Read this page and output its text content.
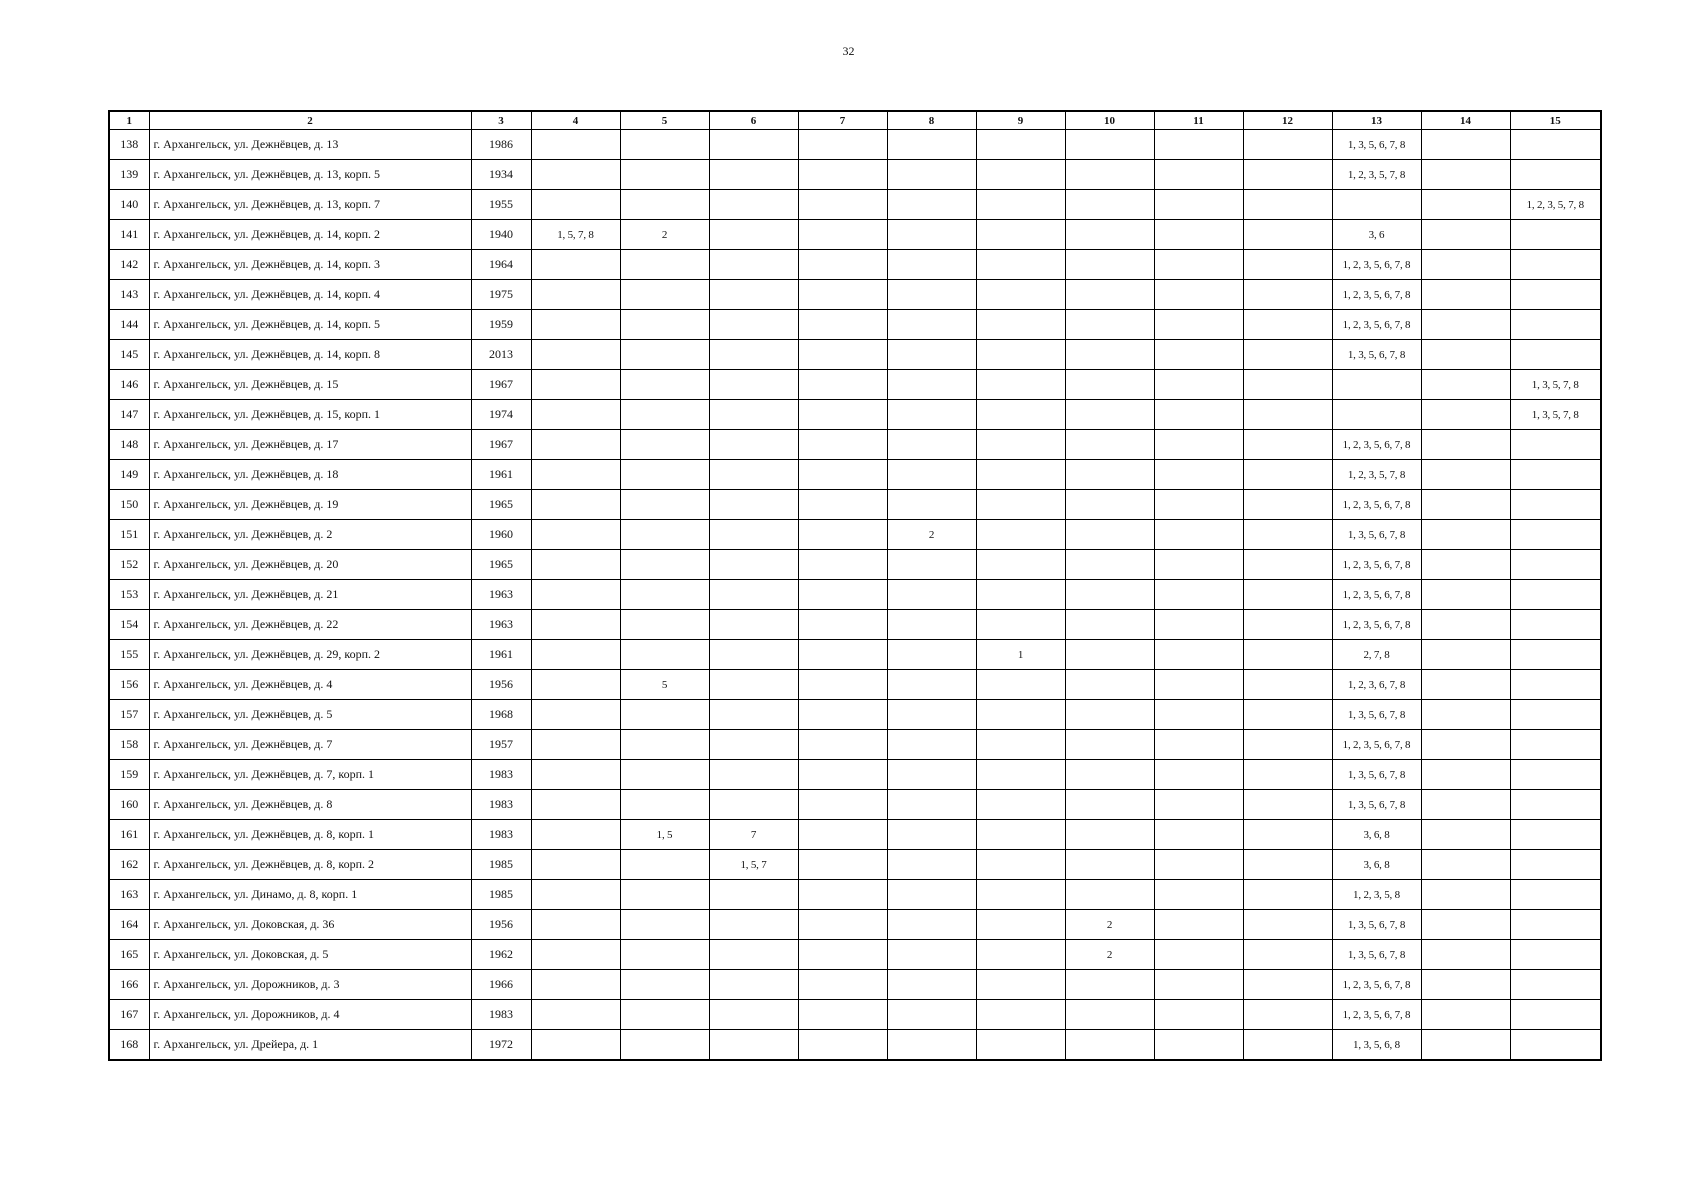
32
1	2	3	4	5	6	7	8	9	10	11	12	13	14	15
138	г. Архангельск, ул. Дежнёвцев, д. 13	1986										1, 3, 5, 6, 7, 8		
139	г. Архангельск, ул. Дежнёвцев, д. 13, корп. 5	1934										1, 2, 3, 5, 7, 8		
140	г. Архангельск, ул. Дежнёвцев, д. 13, корп. 7	1955												1, 2, 3, 5, 7, 8
141	г. Архангельск, ул. Дежнёвцев, д. 14, корп. 2	1940	1, 5, 7, 8	2								3, 6		
142	г. Архангельск, ул. Дежнёвцев, д. 14, корп. 3	1964										1, 2, 3, 5, 6, 7, 8		
143	г. Архангельск, ул. Дежнёвцев, д. 14, корп. 4	1975										1, 2, 3, 5, 6, 7, 8		
144	г. Архангельск, ул. Дежнёвцев, д. 14, корп. 5	1959										1, 2, 3, 5, 6, 7, 8		
145	г. Архангельск, ул. Дежнёвцев, д. 14, корп. 8	2013										1, 3, 5, 6, 7, 8		
146	г. Архангельск, ул. Дежнёвцев, д. 15	1967												1, 3, 5, 7, 8
147	г. Архангельск, ул. Дежнёвцев, д. 15, корп. 1	1974												1, 3, 5, 7, 8
148	г. Архангельск, ул. Дежнёвцев, д. 17	1967										1, 2, 3, 5, 6, 7, 8		
149	г. Архангельск, ул. Дежнёвцев, д. 18	1961										1, 2, 3, 5, 7, 8		
150	г. Архангельск, ул. Дежнёвцев, д. 19	1965										1, 2, 3, 5, 6, 7, 8		
151	г. Архангельск, ул. Дежнёвцев, д. 2	1960					2					1, 3, 5, 6, 7, 8		
152	г. Архангельск, ул. Дежнёвцев, д. 20	1965										1, 2, 3, 5, 6, 7, 8		
153	г. Архангельск, ул. Дежнёвцев, д. 21	1963										1, 2, 3, 5, 6, 7, 8		
154	г. Архангельск, ул. Дежнёвцев, д. 22	1963										1, 2, 3, 5, 6, 7, 8		
155	г. Архангельск, ул. Дежнёвцев, д. 29, корп. 2	1961						1				2, 7, 8		
156	г. Архангельск, ул. Дежнёвцев, д. 4	1956		5								1, 2, 3, 6, 7, 8		
157	г. Архангельск, ул. Дежнёвцев, д. 5	1968										1, 3, 5, 6, 7, 8		
158	г. Архангельск, ул. Дежнёвцев, д. 7	1957										1, 2, 3, 5, 6, 7, 8		
159	г. Архангельск, ул. Дежнёвцев, д. 7, корп. 1	1983										1, 3, 5, 6, 7, 8		
160	г. Архангельск, ул. Дежнёвцев, д. 8	1983										1, 3, 5, 6, 7, 8		
161	г. Архангельск, ул. Дежнёвцев, д. 8, корп. 1	1983		1, 5	7							3, 6, 8		
162	г. Архангельск, ул. Дежнёвцев, д. 8, корп. 2	1985			1, 5, 7							3, 6, 8		
163	г. Архангельск, ул. Динамо, д. 8, корп. 1	1985										1, 2, 3, 5, 8		
164	г. Архангельск, ул. Доковская, д. 36	1956							2			1, 3, 5, 6, 7, 8		
165	г. Архангельск, ул. Доковская, д. 5	1962							2			1, 3, 5, 6, 7, 8		
166	г. Архангельск, ул. Дорожников, д. 3	1966										1, 2, 3, 5, 6, 7, 8		
167	г. Архангельск, ул. Дорожников, д. 4	1983										1, 2, 3, 5, 6, 7, 8		
168	г. Архангельск, ул. Дрейера, д. 1	1972										1, 3, 5, 6, 8		
